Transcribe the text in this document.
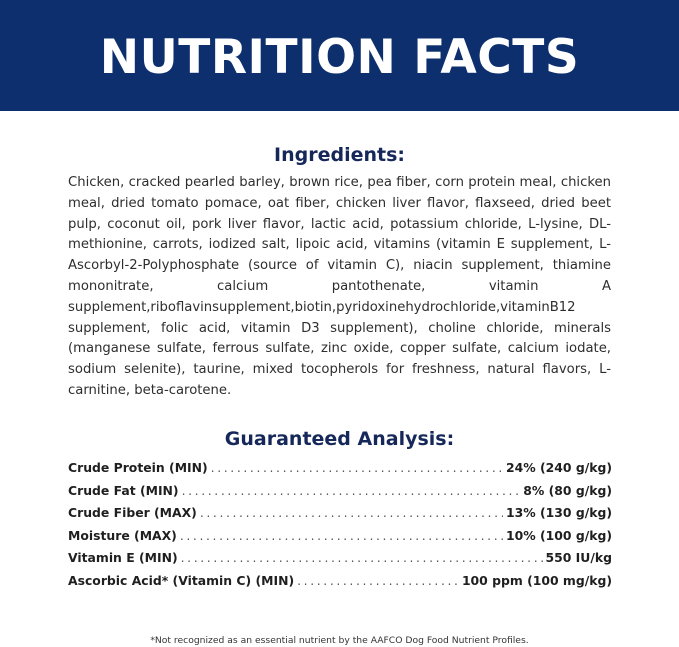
NUTRITION FACTS
Ingredients:

Chicken, cracked pearled barley, brown rice, pea fiber, corn protein meal, chicken meal, dried tomato pomace, oat fiber, chicken liver flavor, flaxseed, dried beet pulp, coconut oil, pork liver flavor, lactic acid, potassium chloride, L-lysine, DL-methionine, carrots, iodized salt, lipoic acid, vitamins (vitamin E supplement, L-Ascorbyl-2-Polyphosphate (source of vitamin C), niacin supplement, thiamine mononitrate, calcium pantothenate, vitamin A supplement,riboflavinsupplement,biotin,pyridoxinehydrochloride,vitaminB12 supplement, folic acid, vitamin D3 supplement), choline chloride, minerals (manganese sulfate, ferrous sulfate, zinc oxide, copper sulfate, calcium iodate, sodium selenite), taurine, mixed tocopherols for freshness, natural flavors, L-carnitine, beta-carotene.

Guaranteed Analysis:
Crude Protein (MIN) .....	24% (240 g/kg)
Crude Fat (MIN) .....	8% (80 g/kg)
Crude Fiber (MAX) .....	13% (130 g/kg)
Moisture (MAX) .....	10% (100 g/kg)
Vitamin E (MIN) .....	550 IU/kg
Ascorbic Acid* (Vitamin C) (MIN) .....	100 ppm (100 mg/kg)
*Not recognized as an essential nutrient by the AAFCO Dog Food Nutrient Profiles.
